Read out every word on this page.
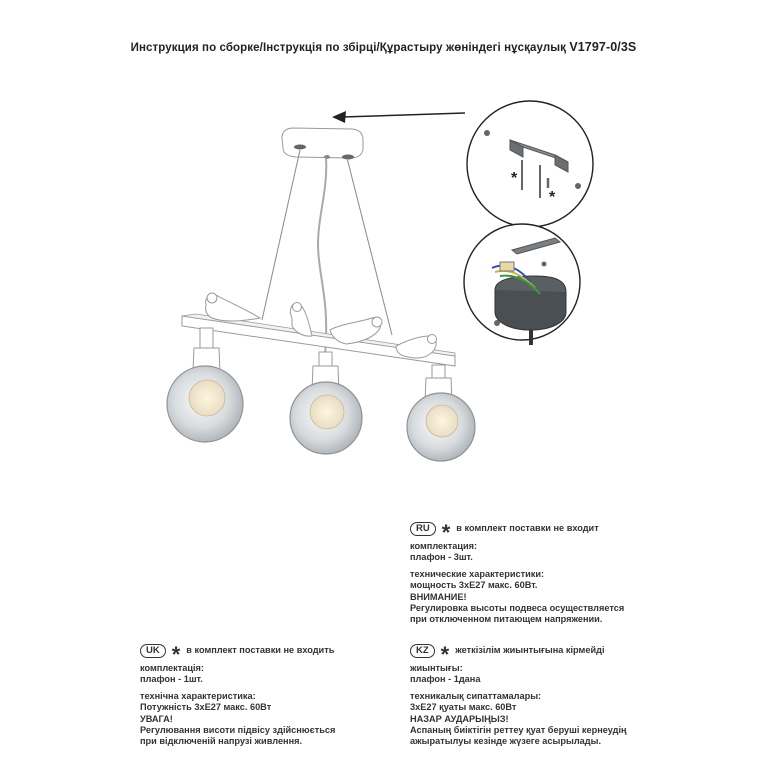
Инструкция по сборке/Інструкція по збірці/Құрастыру жөніндегі нұсқаулық V1797-0/3S
*
*
RU * в комплект поставки не входит
комплектация:
плафон - 3шт.
технические характеристики:
мощность 3хЕ27 макс. 60Вт.
ВНИМАНИЕ!
Регулировка высоты подвеса осуществляется
при отключенном питающем напряжении.
UK * в комплект поставки не входить
комплектація:
плафон - 1шт.
технічна характеристика:
Потужність 3хЕ27 макс. 60Вт
УВАГА!
Регулювання висоти підвісу здійснюється
при відключеній напрузі живлення.
KZ * жеткізілім жиынтығына кірмейді
жиынтығы:
плафон - 1дана
техникалық сипаттамалары:
3хЕ27 қуаты макс. 60Вт
НАЗАР АУДАРЫҢЫЗ!
Аспаның биіктігін реттеу қуат беруші кернеудің
ажыратылуы кезінде жүзеге асырылады.
